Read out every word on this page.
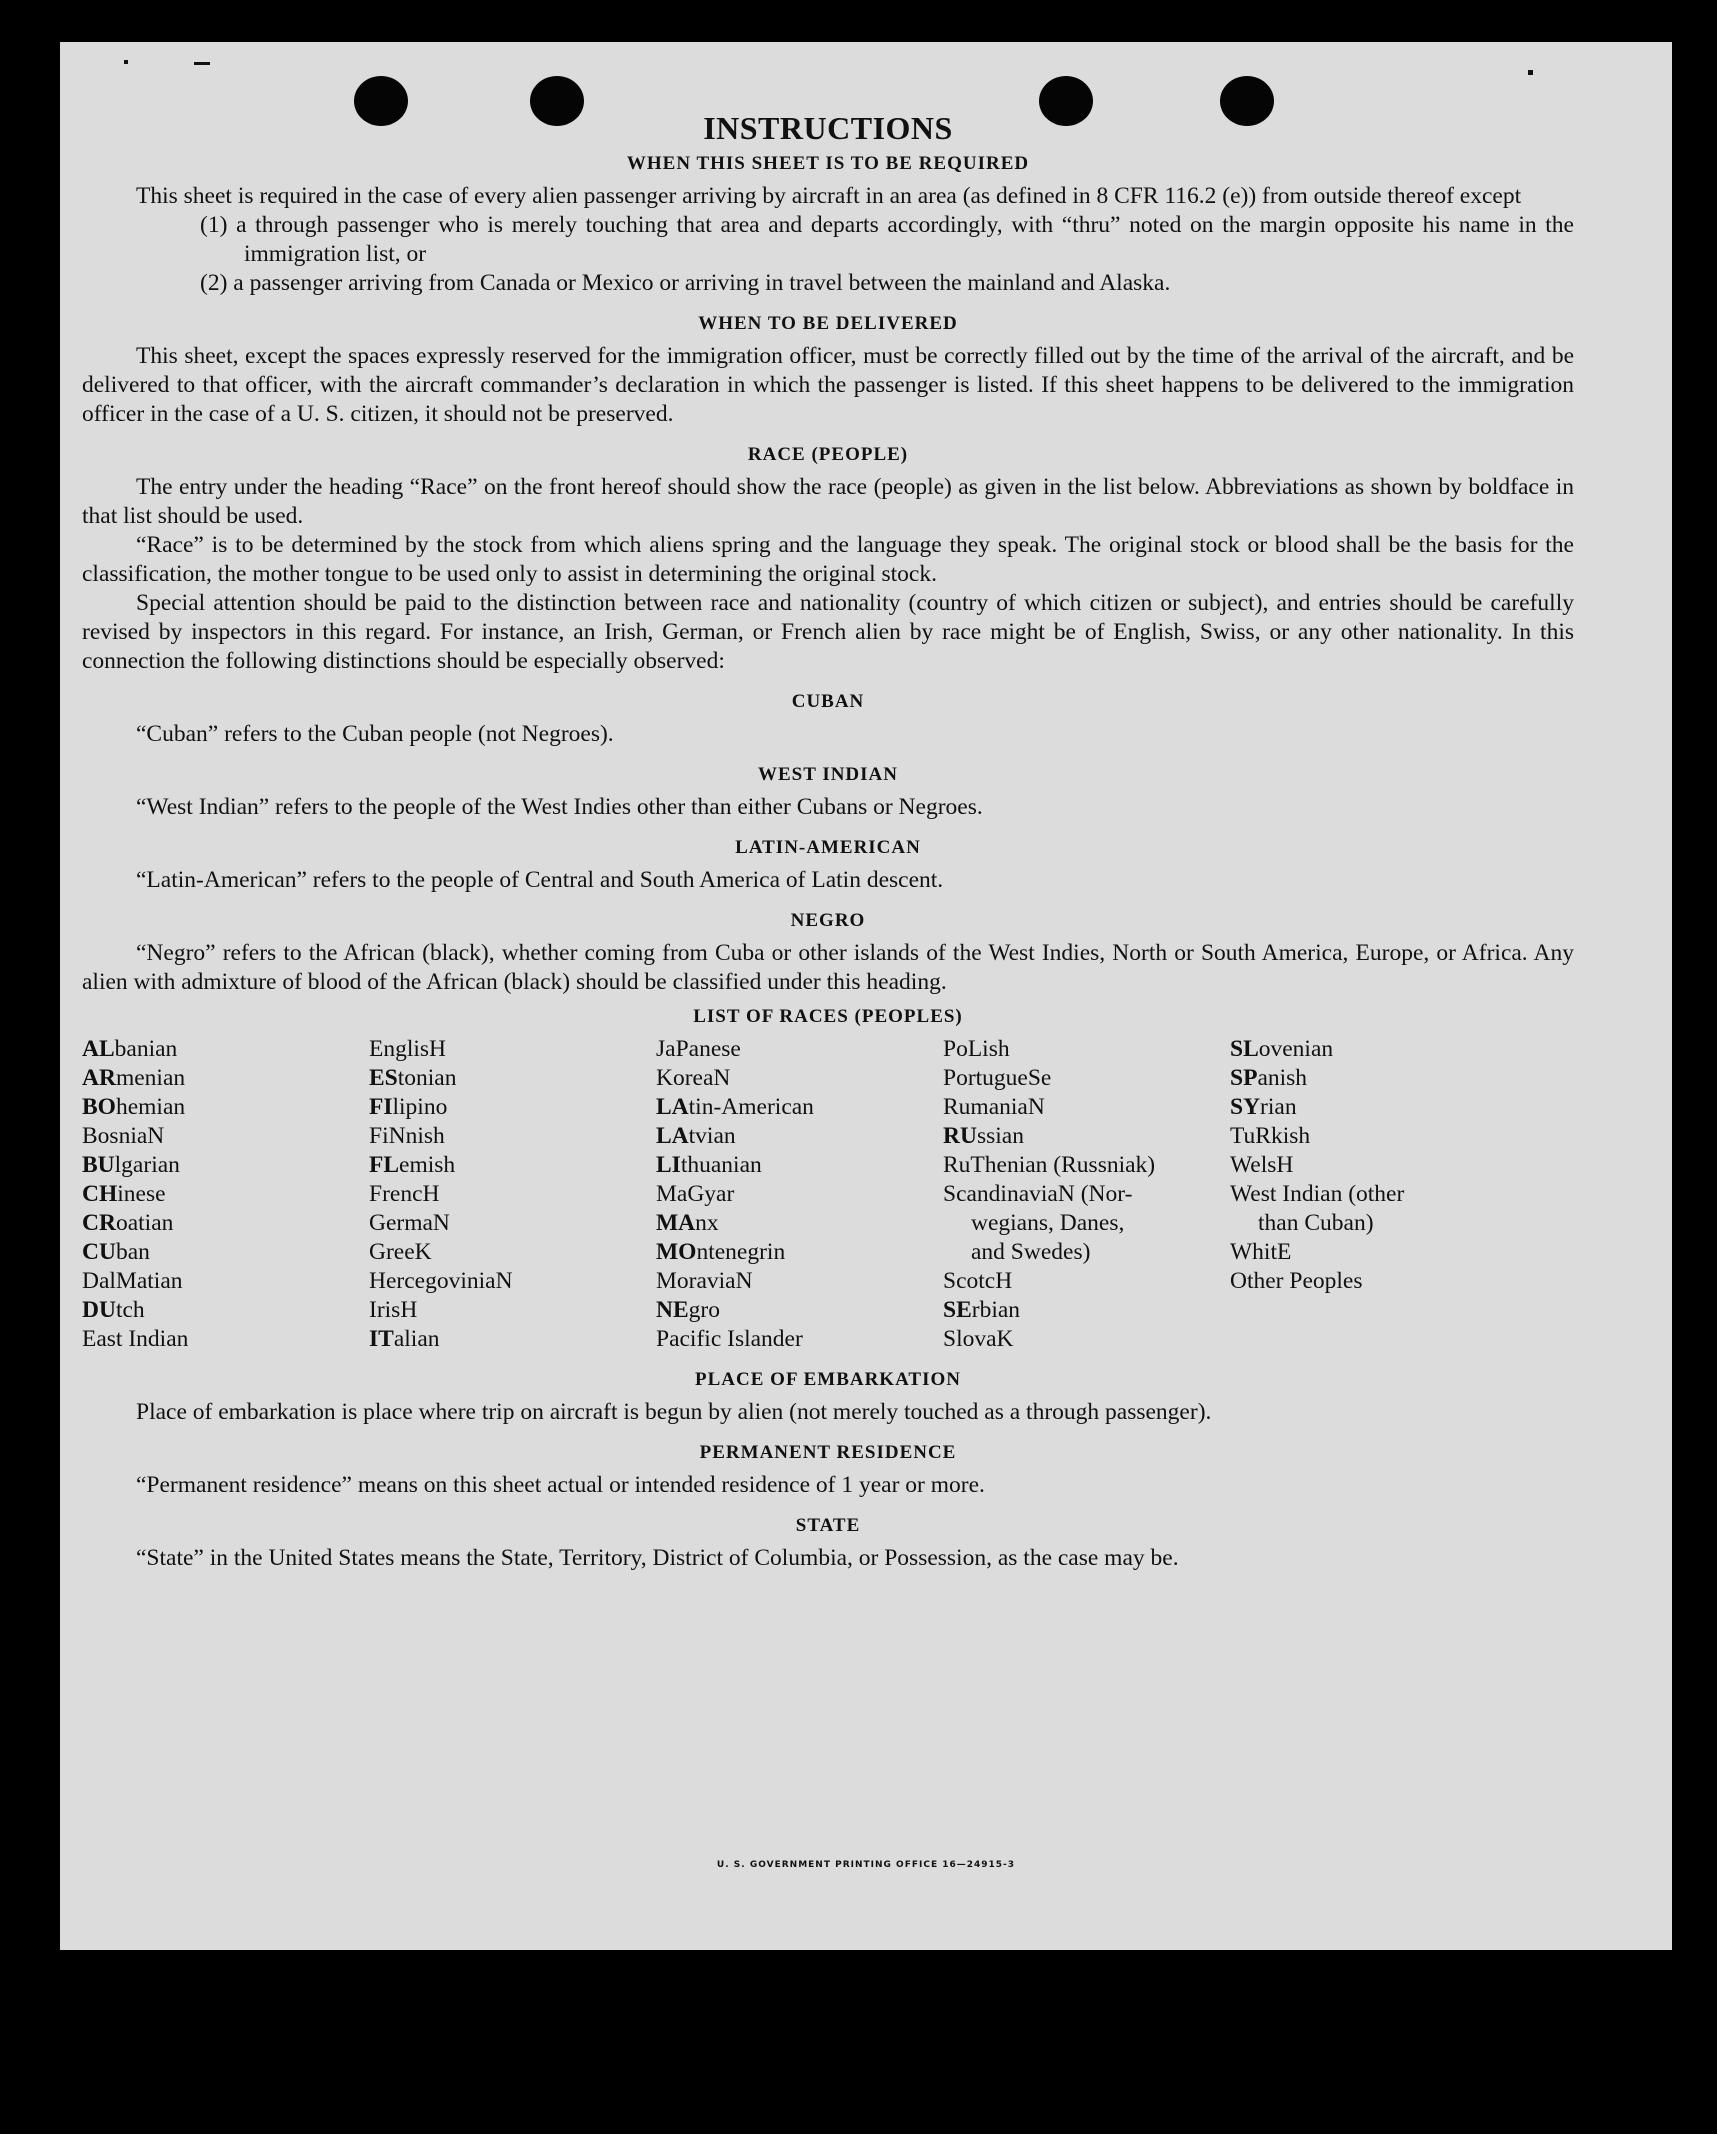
INSTRUCTIONS
WHEN THIS SHEET IS TO BE REQUIRED

This sheet is required in the case of every alien passenger arriving by aircraft in an area (as defined in 8 CFR 116.2 (e)) from outside thereof except

(1) a through passenger who is merely touching that area and departs accordingly, with “thru” noted on the margin opposite his name in the immigration list, or

(2) a passenger arriving from Canada or Mexico or arriving in travel between the mainland and Alaska.

WHEN TO BE DELIVERED

This sheet, except the spaces expressly reserved for the immigration officer, must be correctly filled out by the time of the arrival of the aircraft, and be delivered to that officer, with the aircraft commander’s declaration in which the passenger is listed. If this sheet happens to be delivered to the immigration officer in the case of a U. S. citizen, it should not be preserved.

RACE (PEOPLE)

The entry under the heading “Race” on the front hereof should show the race (people) as given in the list below. Abbreviations as shown by boldface in that list should be used.

“Race” is to be determined by the stock from which aliens spring and the language they speak. The original stock or blood shall be the basis for the classification, the mother tongue to be used only to assist in determining the original stock.

Special attention should be paid to the distinction between race and nationality (country of which citizen or subject), and entries should be carefully revised by inspectors in this regard. For instance, an Irish, German, or French alien by race might be of English, Swiss, or any other nationality. In this connection the following distinctions should be especially observed:

CUBAN

“Cuban” refers to the Cuban people (not Negroes).

WEST INDIAN

“West Indian” refers to the people of the West Indies other than either Cubans or Negroes.

LATIN-AMERICAN

“Latin-American” refers to the people of Central and South America of Latin descent.

NEGRO

“Negro” refers to the African (black), whether coming from Cuba or other islands of the West Indies, North or South America, Europe, or Africa. Any alien with admixture of blood of the African (black) should be classified under this heading.

LIST OF RACES (PEOPLES)
ALbanian
ARmenian
BOhemian
BosniaN
BUlgarian
CHinese
CRoatian
CUban
DalMatian
DUtch
East Indian
EnglisH
EStonian
FIlipino
FiNnish
FLemish
FrencH
GermaN
GreeK
HercegoviniaN
IrisH
ITalian
JaPanese
KoreaN
LAtin-American
LAtvian
LIthuanian
MaGyar
MAnx
MOntenegrin
MoraviaN
NEgro
Pacific Islander
PoLish
PortugueSe
RumaniaN
RUssian
RuThenian (Russniak)
ScandinaviaN (Nor-
wegians, Danes,
and Swedes)
ScotcH
SErbian
SlovaK
SLovenian
SPanish
SYrian
TuRkish
WelsH
West Indian (other
than Cuban)
WhitE
Other Peoples
PLACE OF EMBARKATION

Place of embarkation is place where trip on aircraft is begun by alien (not merely touched as a through passenger).

PERMANENT RESIDENCE

“Permanent residence” means on this sheet actual or intended residence of 1 year or more.

STATE

“State” in the United States means the State, Territory, District of Columbia, or Possession, as the case may be.

U. S. GOVERNMENT PRINTING OFFICE 16—24915-3
